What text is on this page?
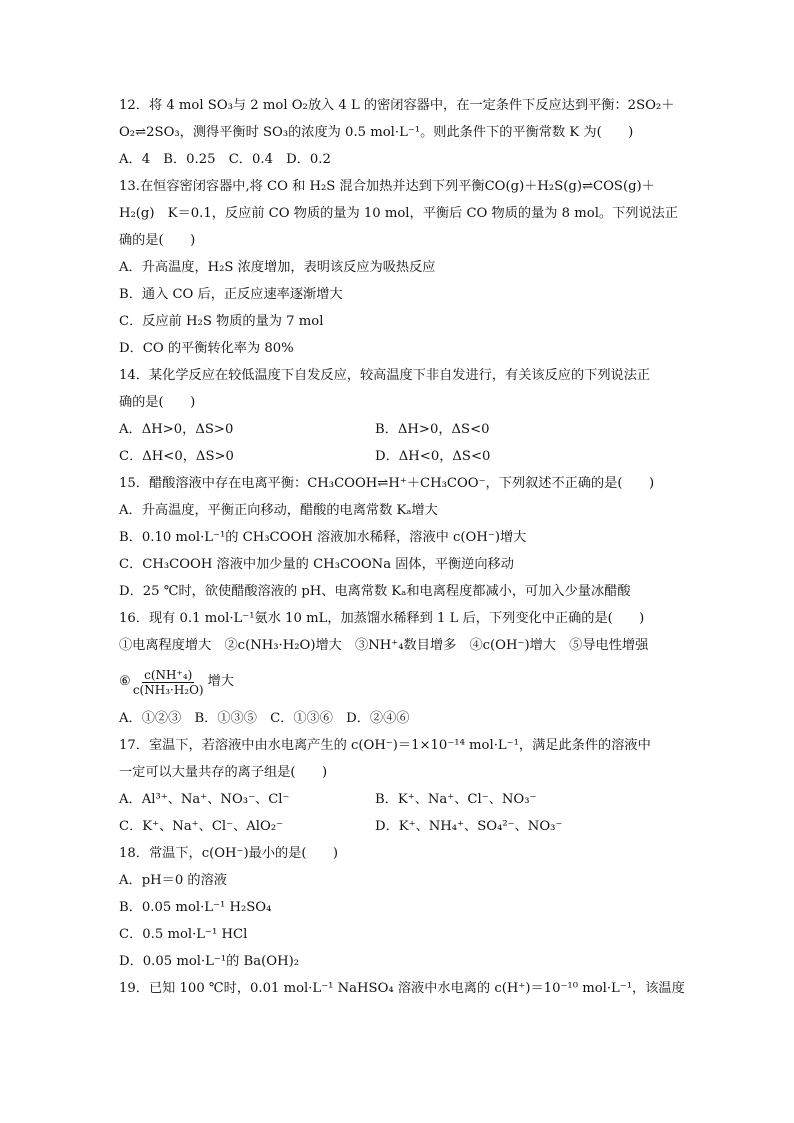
12．将 4 mol SO₃与 2 mol O₂放入 4 L 的密闭容器中，在一定条件下反应达到平衡：2SO₂＋
O₂⇌2SO₃，测得平衡时 SO₃的浓度为 0.5 mol·L⁻¹。则此条件下的平衡常数 K 为(　　)
A．4　B．0.25　C．0.4　D．0.2
13.在恒容密闭容器中,将 CO 和 H₂S 混合加热并达到下列平衡CO(g)＋H₂S(g)⇌COS(g)＋
H₂(g)　K＝0.1，反应前 CO 物质的量为 10 mol，平衡后 CO 物质的量为 8 mol。下列说法正
确的是(　　)
A．升高温度，H₂S 浓度增加，表明该反应为吸热反应
B．通入 CO 后，正反应速率逐渐增大
C．反应前 H₂S 物质的量为 7 mol
D．CO 的平衡转化率为 80%
14．某化学反应在较低温度下自发反应，较高温度下非自发进行，有关该反应的下列说法正
确的是(　　)
A．ΔH>0，ΔS>0	B．ΔH>0，ΔS<0
C．ΔH<0，ΔS>0	D．ΔH<0，ΔS<0
15．醋酸溶液中存在电离平衡：CH₃COOH⇌H⁺＋CH₃COO⁻，下列叙述不正确的是(　　)
A．升高温度，平衡正向移动，醋酸的电离常数 Kₐ增大
B．0.10 mol·L⁻¹的 CH₃COOH 溶液加水稀释，溶液中 c(OH⁻)增大
C．CH₃COOH 溶液中加少量的 CH₃COONa 固体，平衡逆向移动
D．25 ℃时，欲使醋酸溶液的 pH、电离常数 Kₐ和电离程度都减小，可加入少量冰醋酸
16．现有 0.1 mol·L⁻¹氨水 10 mL，加蒸馏水稀释到 1 L 后，下列变化中正确的是(　　)
①电离程度增大　②c(NH₃·H₂O)增大　③NH⁺₄数目增多　④c(OH⁻)增大　⑤导电性增强
⑥ $\frac{\text{c(NH⁺₄)}}{\text{c(NH₃·H₂O)}}$ 增大
A．①②③　B．①③⑤　C．①③⑥　D．②④⑥
17．室温下，若溶液中由水电离产生的 c(OH⁻)＝1×10⁻¹⁴ mol·L⁻¹，满足此条件的溶液中
一定可以大量共存的离子组是(　　)
A．Al³⁺、Na⁺、NO₃⁻、Cl⁻	B．K⁺、Na⁺、Cl⁻、NO₃⁻
C．K⁺、Na⁺、Cl⁻、AlO₂⁻	D．K⁺、NH₄⁺、SO₄²⁻、NO₃⁻
18．常温下，c(OH⁻)最小的是(　　)
A．pH＝0 的溶液
B．0.05 mol·L⁻¹ H₂SO₄
C．0.5 mol·L⁻¹ HCl
D．0.05 mol·L⁻¹的 Ba(OH)₂
19．已知 100 ℃时，0.01 mol·L⁻¹ NaHSO₄ 溶液中水电离的 c(H⁺)＝10⁻¹⁰ mol·L⁻¹，该温度
